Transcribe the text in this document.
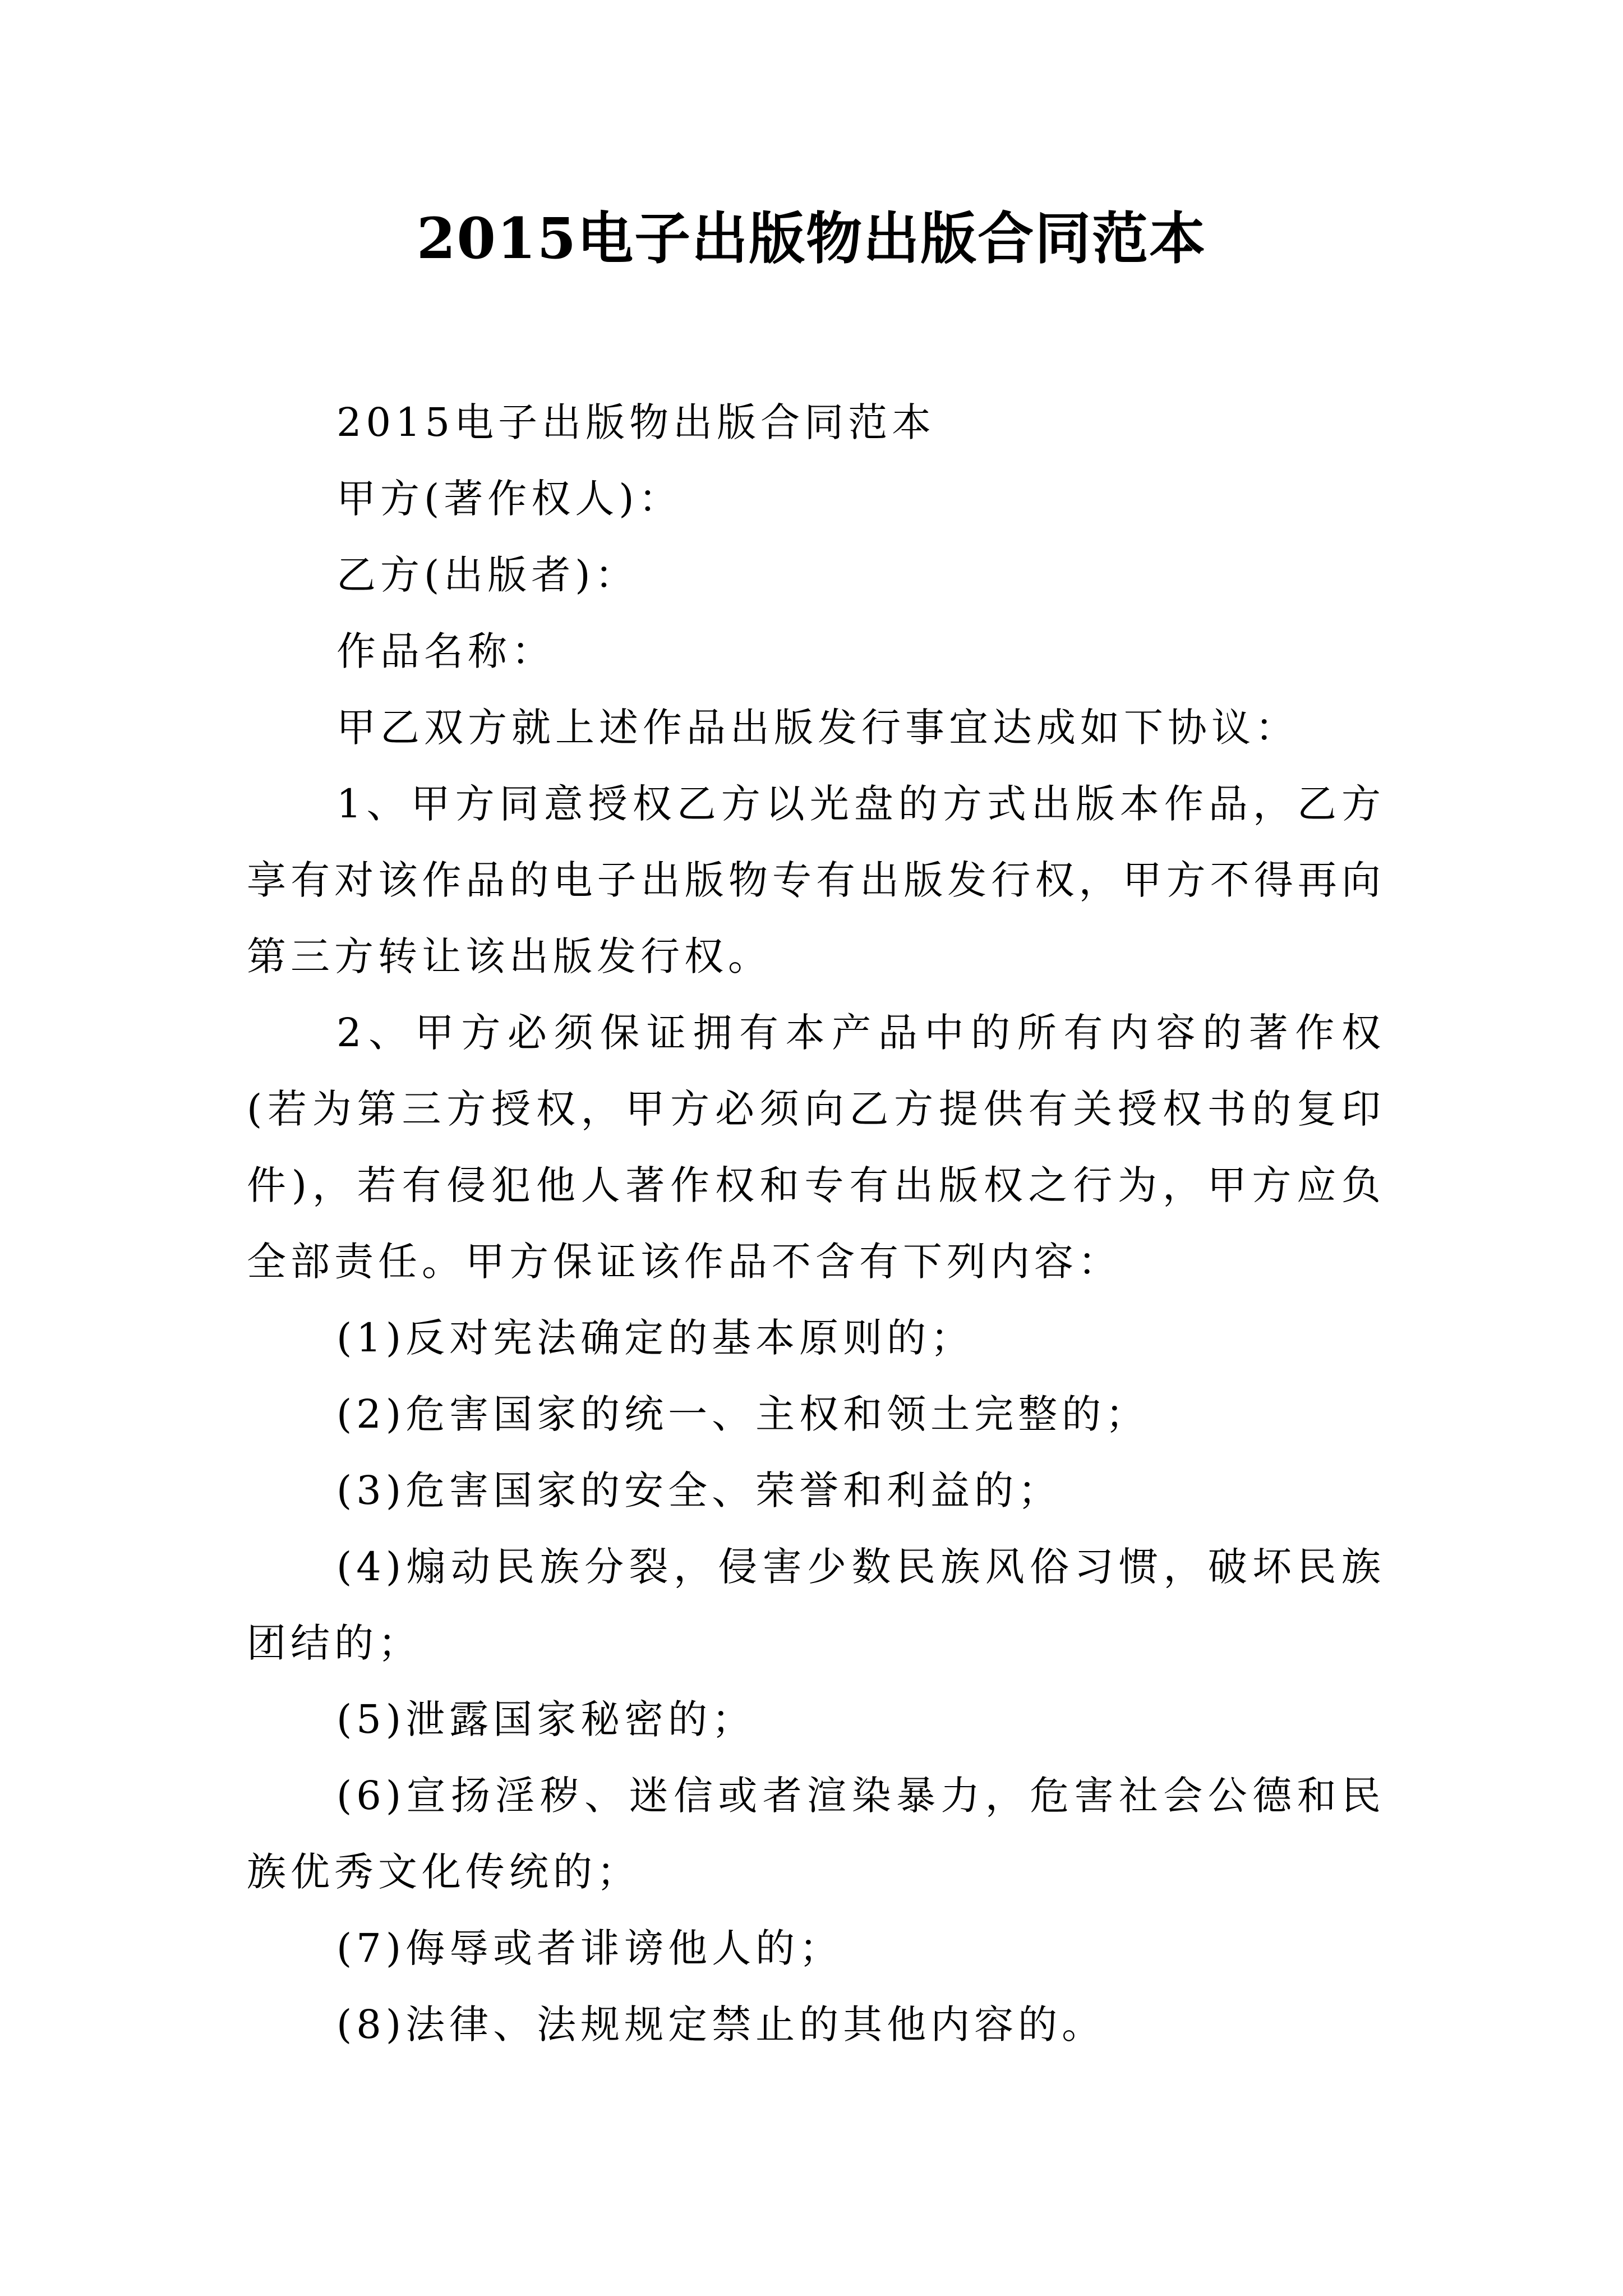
2015电子出版物出版合同范本

2015电子出版物出版合同范本

甲方(著作权人)：

乙方(出版者)：

作品名称：

甲乙双方就上述作品出版发行事宜达成如下协议：

1、甲方同意授权乙方以光盘的方式出版本作品，乙方享有对该作品的电子出版物专有出版发行权，甲方不得再向第三方转让该出版发行权。

2、甲方必须保证拥有本产品中的所有内容的著作权(若为第三方授权，甲方必须向乙方提供有关授权书的复印件)，若有侵犯他人著作权和专有出版权之行为，甲方应负全部责任。甲方保证该作品不含有下列内容：

(1)反对宪法确定的基本原则的；

(2)危害国家的统一、主权和领土完整的；

(3)危害国家的安全、荣誉和利益的；

(4)煽动民族分裂，侵害少数民族风俗习惯，破坏民族团结的；

(5)泄露国家秘密的；

(6)宣扬淫秽、迷信或者渲染暴力，危害社会公德和民族优秀文化传统的；

(7)侮辱或者诽谤他人的；

(8)法律、法规规定禁止的其他内容的。
